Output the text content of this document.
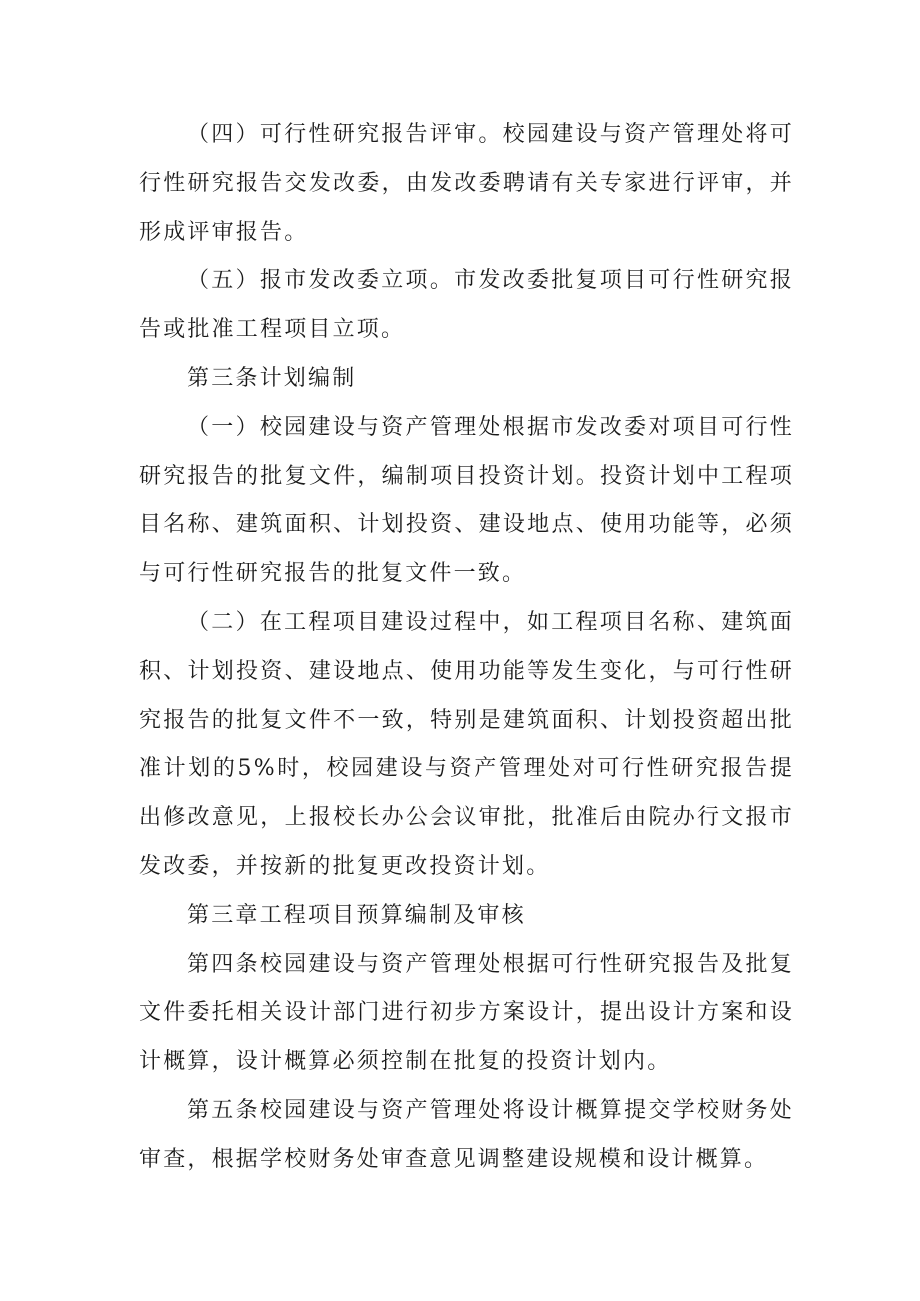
（四）可行性研究报告评审。校园建设与资产管理处将可行性研究报告交发改委，由发改委聘请有关专家进行评审，并形成评审报告。

（五）报市发改委立项。市发改委批复项目可行性研究报告或批准工程项目立项。

第三条计划编制

（一）校园建设与资产管理处根据市发改委对项目可行性研究报告的批复文件，编制项目投资计划。投资计划中工程项目名称、建筑面积、计划投资、建设地点、使用功能等，必须与可行性研究报告的批复文件一致。

（二）在工程项目建设过程中，如工程项目名称、建筑面积、计划投资、建设地点、使用功能等发生变化，与可行性研究报告的批复文件不一致，特别是建筑面积、计划投资超出批准计划的5%时，校园建设与资产管理处对可行性研究报告提出修改意见，上报校长办公会议审批，批准后由院办行文报市发改委，并按新的批复更改投资计划。

第三章工程项目预算编制及审核

第四条校园建设与资产管理处根据可行性研究报告及批复文件委托相关设计部门进行初步方案设计，提出设计方案和设计概算，设计概算必须控制在批复的投资计划内。

第五条校园建设与资产管理处将设计概算提交学校财务处审查，根据学校财务处审查意见调整建设规模和设计概算。
